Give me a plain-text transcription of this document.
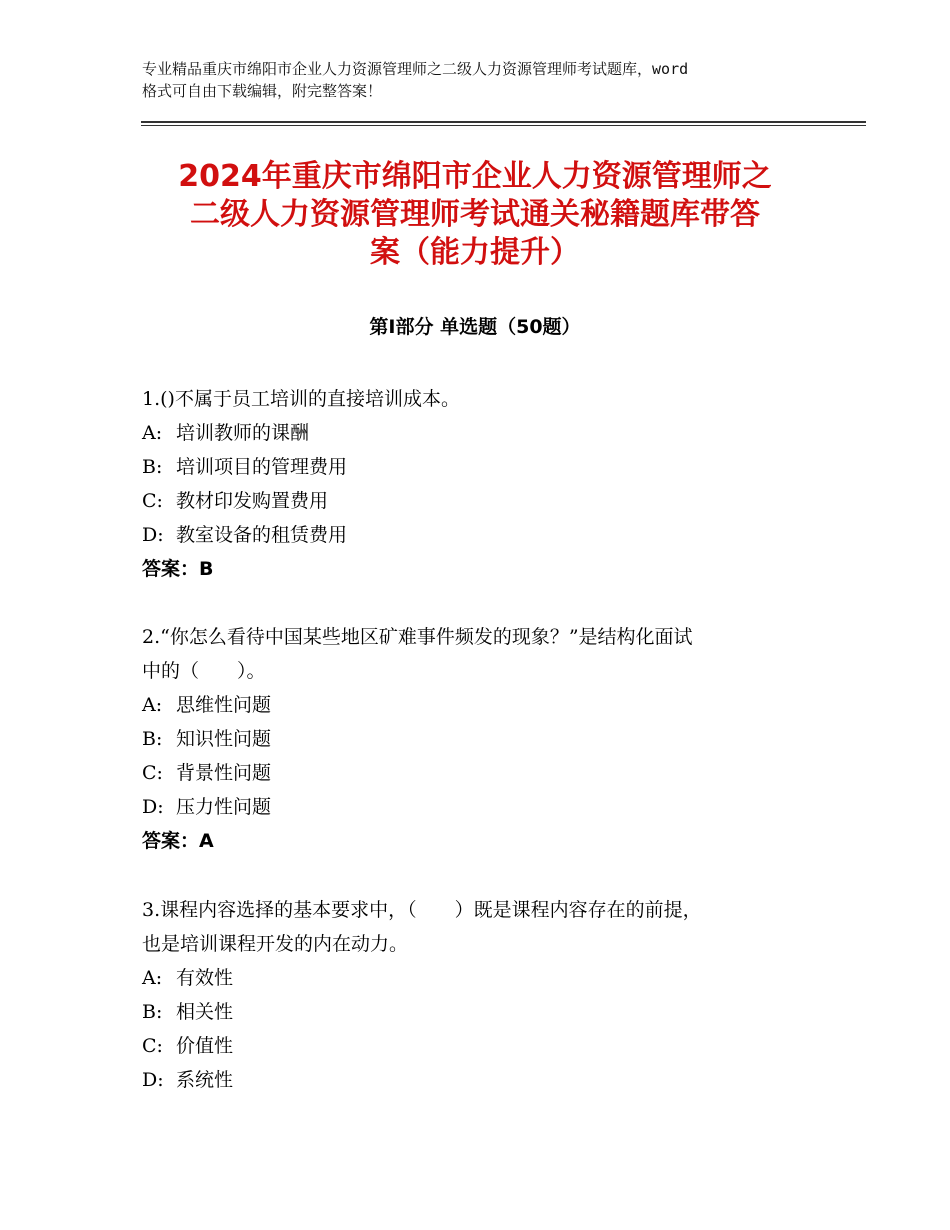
专业精品重庆市绵阳市企业人力资源管理师之二级人力资源管理师考试题库，word
格式可自由下载编辑，附完整答案！
2024年重庆市绵阳市企业人力资源管理师之
二级人力资源管理师考试通关秘籍题库带答
案（能力提升）
第Ⅰ部分 单选题（50题）

1.()不属于员工培训的直接培训成本。

A: 培训教师的课酬

B: 培训项目的管理费用

C: 教材印发购置费用

D: 教室设备的租赁费用

答案：B

2.“你怎么看待中国某些地区矿难事件频发的现象？”是结构化面试

中的（　　）。

A: 思维性问题

B: 知识性问题

C: 背景性问题

D: 压力性问题

答案：A

3.课程内容选择的基本要求中，（　　）既是课程内容存在的前提，

也是培训课程开发的内在动力。

A: 有效性

B: 相关性

C: 价值性

D: 系统性
